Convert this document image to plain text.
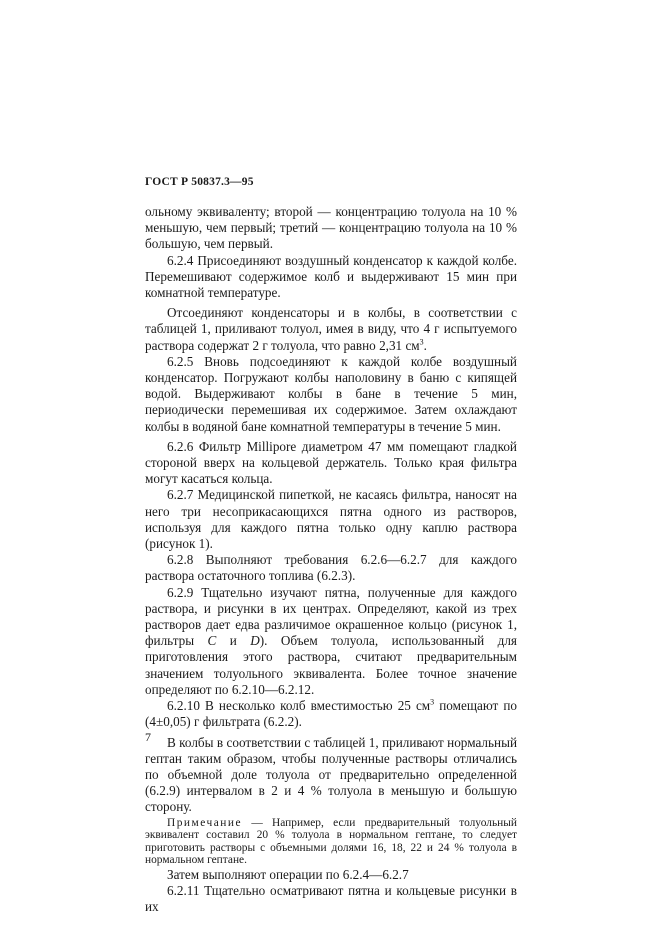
ГОСТ Р 50837.3—95

ольному эквиваленту; второй — концентрацию толуола на 10 % меньшую, чем первый; третий — концентрацию толуола на 10 % большую, чем первый.

6.2.4 Присоединяют воздушный конденсатор к каждой колбе. Перемешивают содержимое колб и выдерживают 15 мин при комнатной температуре.

Отсоединяют конденсаторы и в колбы, в соответствии с таблицей 1, приливают толуол, имея в виду, что 4 г испытуемого раствора содержат 2 г толуола, что равно 2,31 $см^3$.

6.2.5 Вновь подсоединяют к каждой колбе воздушный конденсатор. Погружают колбы наполовину в баню с кипящей водой. Выдерживают колбы в бане в течение 5 мин, периодически перемешивая их содержимое. Затем охлаждают колбы в водяной бане комнатной температуры в течение 5 мин.

6.2.6 Фильтр Millipore диаметром 47 мм помещают гладкой стороной вверх на кольцевой держатель. Только края фильтра могут касаться кольца.

6.2.7 Медицинской пипеткой, не касаясь фильтра, наносят на него три несоприкасающихся пятна одного из растворов, используя для каждого пятна только одну каплю раствора (рисунок 1).

6.2.8 Выполняют требования 6.2.6—6.2.7 для каждого раствора остаточного топлива (6.2.3).

6.2.9 Тщательно изучают пятна, полученные для каждого раствора, и рисунки в их центрах. Определяют, какой из трех растворов дает едва различимое окрашенное кольцо (рисунок 1, фильтры С и D). Объем толуола, использованный для приготовления этого раствора, считают предварительным значением толуольного эквивалента. Более точное значение определяют по 6.2.10—6.2.12.

6.2.10 В несколько колб вместимостью 25 $см^3$ помещают по (4±0,05) г фильтрата (6.2.2).

В колбы в соответствии с таблицей 1, приливают нормальный гептан таким образом, чтобы полученные растворы отличались по объемной доле толуола от предварительно определенной (6.2.9) интервалом в 2 и 4 % толуола в меньшую и большую сторону.

Примечание — Например, если предварительный толуольный эквивалент составил 20 % толуола в нормальном гептане, то следует приготовить растворы с объемными долями 16, 18, 22 и 24 % толуола в нормальном гептане.

Затем выполняют операции по 6.2.4—6.2.7

6.2.11 Тщательно осматривают пятна и кольцевые рисунки в их

7
